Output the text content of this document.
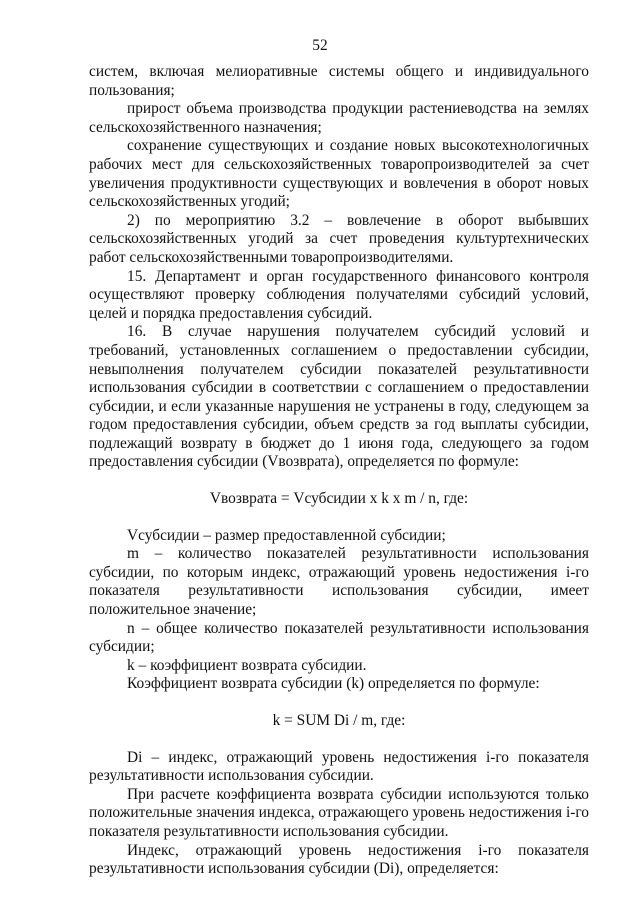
52

систем, включая мелиоративные системы общего и индивидуального пользования;

прирост объема производства продукции растениеводства на землях сельскохозяйственного назначения;

сохранение существующих и создание новых высокотехнологичных рабочих мест для сельскохозяйственных товаропроизводителей за счет увеличения продуктивности существующих и вовлечения в оборот новых сельскохозяйственных угодий;

2) по мероприятию 3.2 – вовлечение в оборот выбывших сельскохозяйственных угодий за счет проведения культуртехнических работ сельскохозяйственными товаропроизводителями.

15. Департамент и орган государственного финансового контроля осуществляют проверку соблюдения получателями субсидий условий, целей и порядка предоставления субсидий.

16. В случае нарушения получателем субсидий условий и требований, установленных соглашением о предоставлении субсидии, невыполнения получателем субсидии показателей результативности использования субсидии в соответствии с соглашением о предоставлении субсидии, и если указанные нарушения не устранены в году, следующем за годом предоставления субсидии, объем средств за год выплаты субсидии, подлежащий возврату в бюджет до 1 июня года, следующего за годом предоставления субсидии (Vвозврата), определяется по формуле:

Vвозврата = Vсубсидии x k x m / n, где:

Vсубсидии – размер предоставленной субсидии;

m – количество показателей результативности использования субсидии, по которым индекс, отражающий уровень недостижения i-го показателя результативности использования субсидии, имеет положительное значение;

n – общее количество показателей результативности использования субсидии;

k – коэффициент возврата субсидии.

Коэффициент возврата субсидии (k) определяется по формуле:

k = SUM Di / m, где:

Di – индекс, отражающий уровень недостижения i-го показателя результативности использования субсидии.

При расчете коэффициента возврата субсидии используются только положительные значения индекса, отражающего уровень недостижения i-го показателя результативности использования субсидии.

Индекс, отражающий уровень недостижения i-го показателя результативности использования субсидии (Di), определяется:
